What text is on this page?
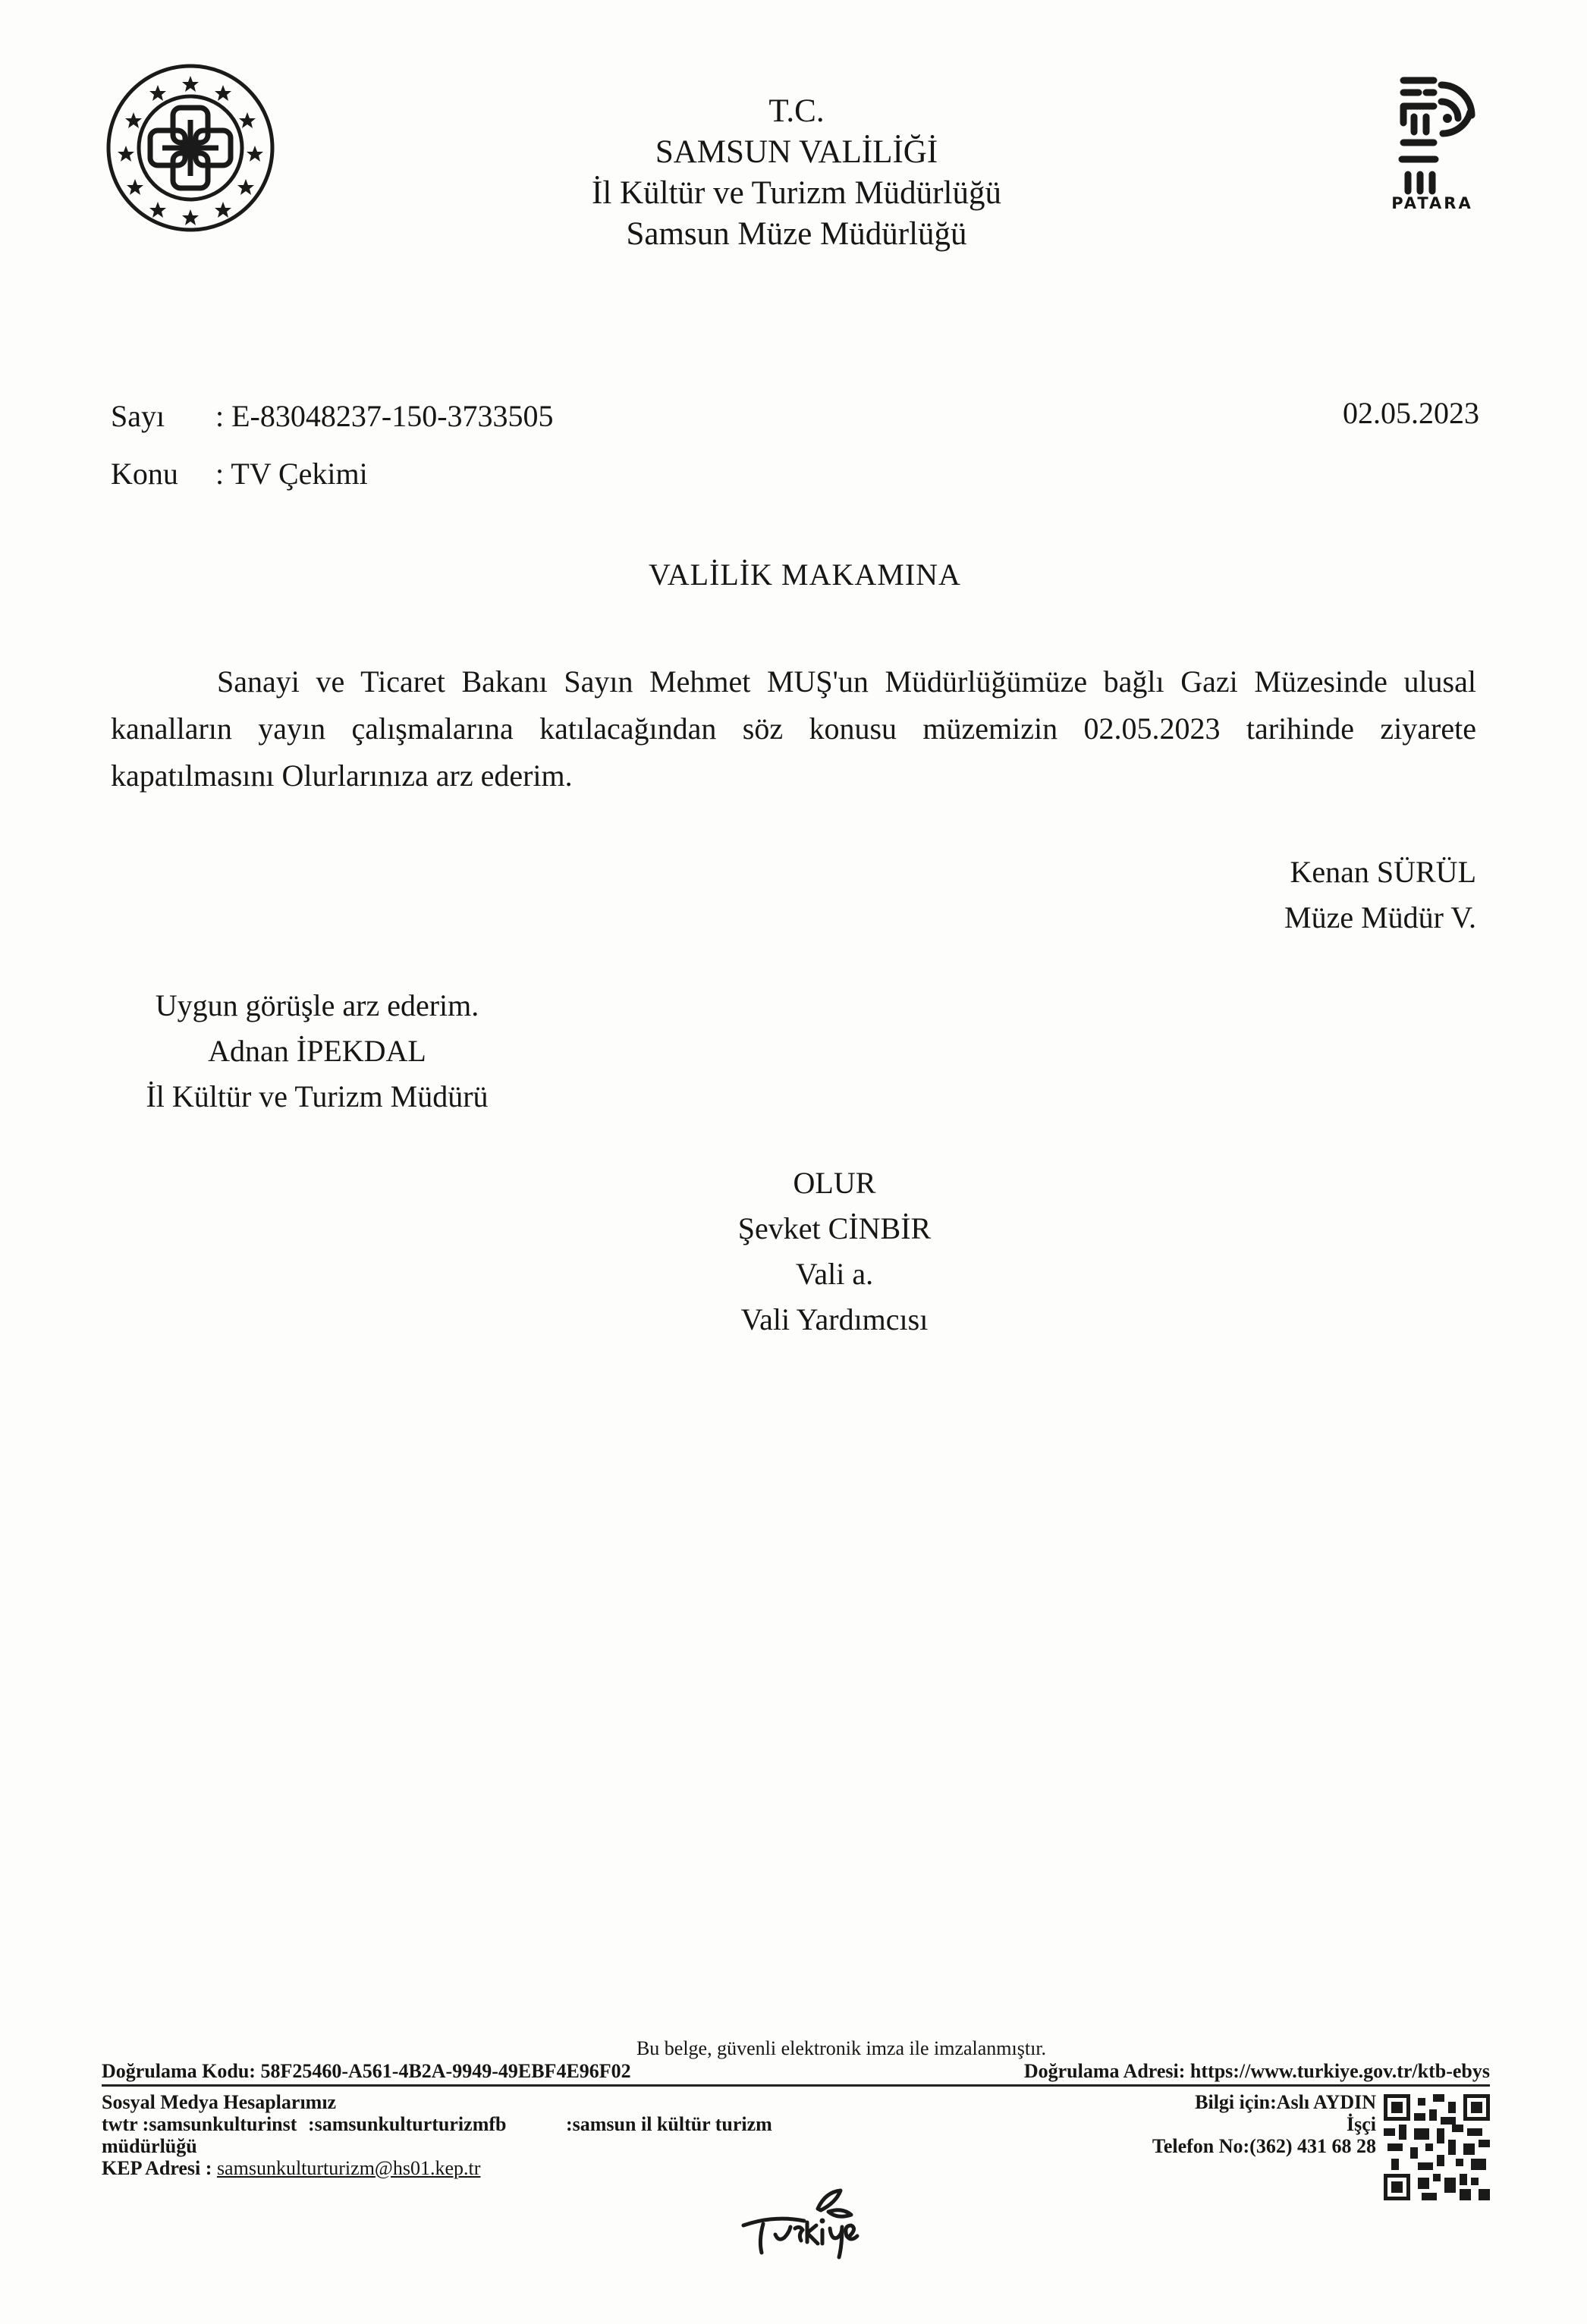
PATARA
T.C.
SAMSUN VALİLİĞİ
İl Kültür ve Turizm Müdürlüğü
Samsun Müze Müdürlüğü
Sayı : E-83048237-150-3733505
Konu : TV Çekimi
02.05.2023
VALİLİK MAKAMINA

Sanayi ve Ticaret Bakanı Sayın Mehmet MUŞ'un Müdürlüğümüze bağlı Gazi Müzesinde ulusal kanalların yayın çalışmalarına katılacağından söz konusu müzemizin 02.05.2023 tarihinde ziyarete kapatılmasını Olurlarınıza arz ederim.

Kenan SÜRÜL
Müze Müdür V.
Uygun görüşle arz ederim.
Adnan İPEKDAL
İl Kültür ve Turizm Müdürü
OLUR
Şevket CİNBİR
Vali a.
Vali Yardımcısı
Bu belge, güvenli elektronik imza ile imzalanmıştır.
Doğrulama Kodu: 58F25460-A561-4B2A-9949-49EBF4E96F02	Doğrulama Adresi: https://www.turkiye.gov.tr/ktb-ebys
Sosyal Medya Hesaplarımız
twtr :samsunkulturinst :samsunkulturturizmfb	:samsun il kültür turizm
müdürlüğü
KEP Adresi : samsunkulturturizm@hs01.kep.tr
Bilgi için:Aslı AYDIN
İşçi
Telefon No:(362) 431 68 28
